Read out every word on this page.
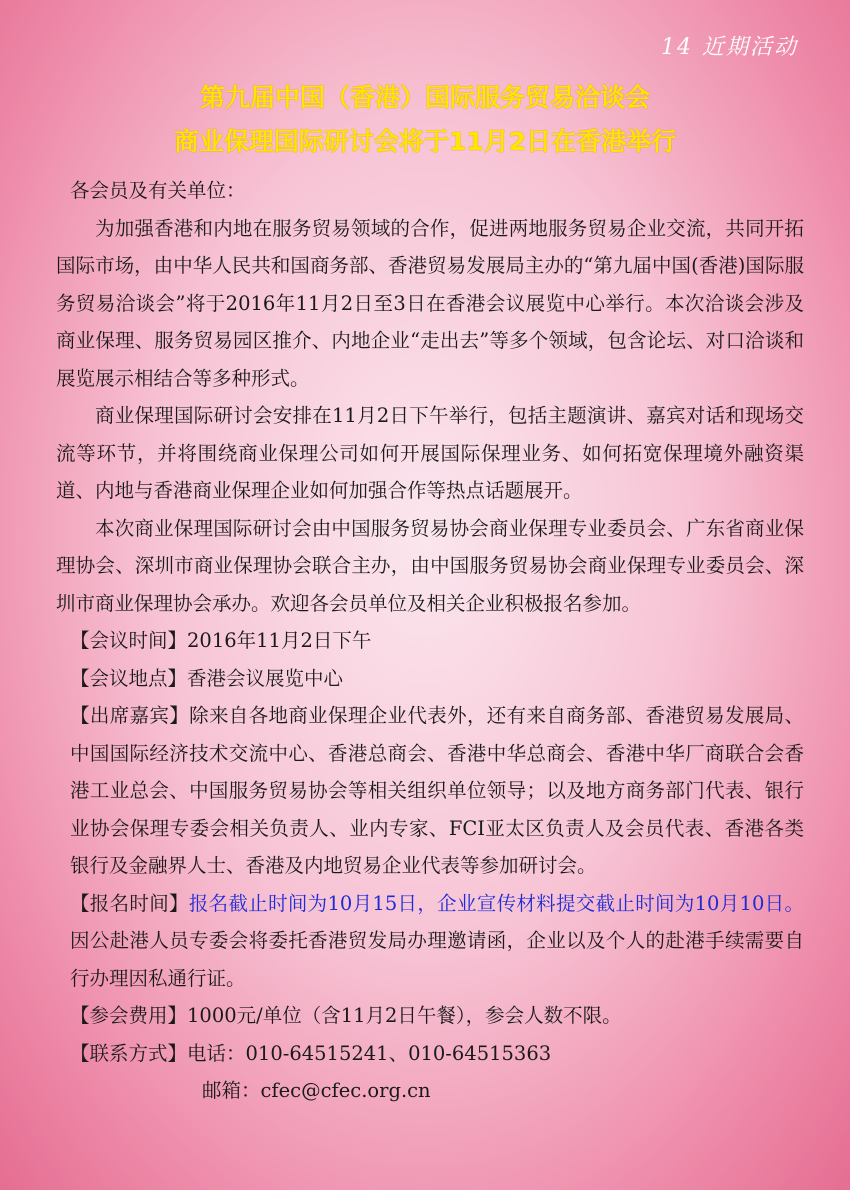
14 近期活动
第九届中国（香港）国际服务贸易洽谈会
商业保理国际研讨会将于11月2日在香港举行

各会员及有关单位：

为加强香港和内地在服务贸易领域的合作，促进两地服务贸易企业交流，共同开拓国际市场，由中华人民共和国商务部、香港贸易发展局主办的“第九届中国(香港)国际服务贸易洽谈会”将于2016年11月2日至3日在香港会议展览中心举行。本次洽谈会涉及商业保理、服务贸易园区推介、内地企业“走出去”等多个领域，包含论坛、对口洽谈和展览展示相结合等多种形式。

商业保理国际研讨会安排在11月2日下午举行，包括主题演讲、嘉宾对话和现场交流等环节，并将围绕商业保理公司如何开展国际保理业务、如何拓宽保理境外融资渠道、内地与香港商业保理企业如何加强合作等热点话题展开。

本次商业保理国际研讨会由中国服务贸易协会商业保理专业委员会、广东省商业保理协会、深圳市商业保理协会联合主办，由中国服务贸易协会商业保理专业委员会、深圳市商业保理协会承办。欢迎各会员单位及相关企业积极报名参加。

【会议时间】2016年11月2日下午

【会议地点】香港会议展览中心

【出席嘉宾】除来自各地商业保理企业代表外，还有来自商务部、香港贸易发展局、中国国际经济技术交流中心、香港总商会、香港中华总商会、香港中华厂商联合会香港工业总会、中国服务贸易协会等相关组织单位领导；以及地方商务部门代表、银行业协会保理专委会相关负责人、业内专家、FCI亚太区负责人及会员代表、香港各类银行及金融界人士、香港及内地贸易企业代表等参加研讨会。

【报名时间】报名截止时间为10月15日，企业宣传材料提交截止时间为10月10日。因公赴港人员专委会将委托香港贸发局办理邀请函，企业以及个人的赴港手续需要自行办理因私通行证。

【参会费用】1000元/单位（含11月2日午餐），参会人数不限。

【联系方式】电话：010-64515241、010-64515363

邮箱：cfec@cfec.org.cn
